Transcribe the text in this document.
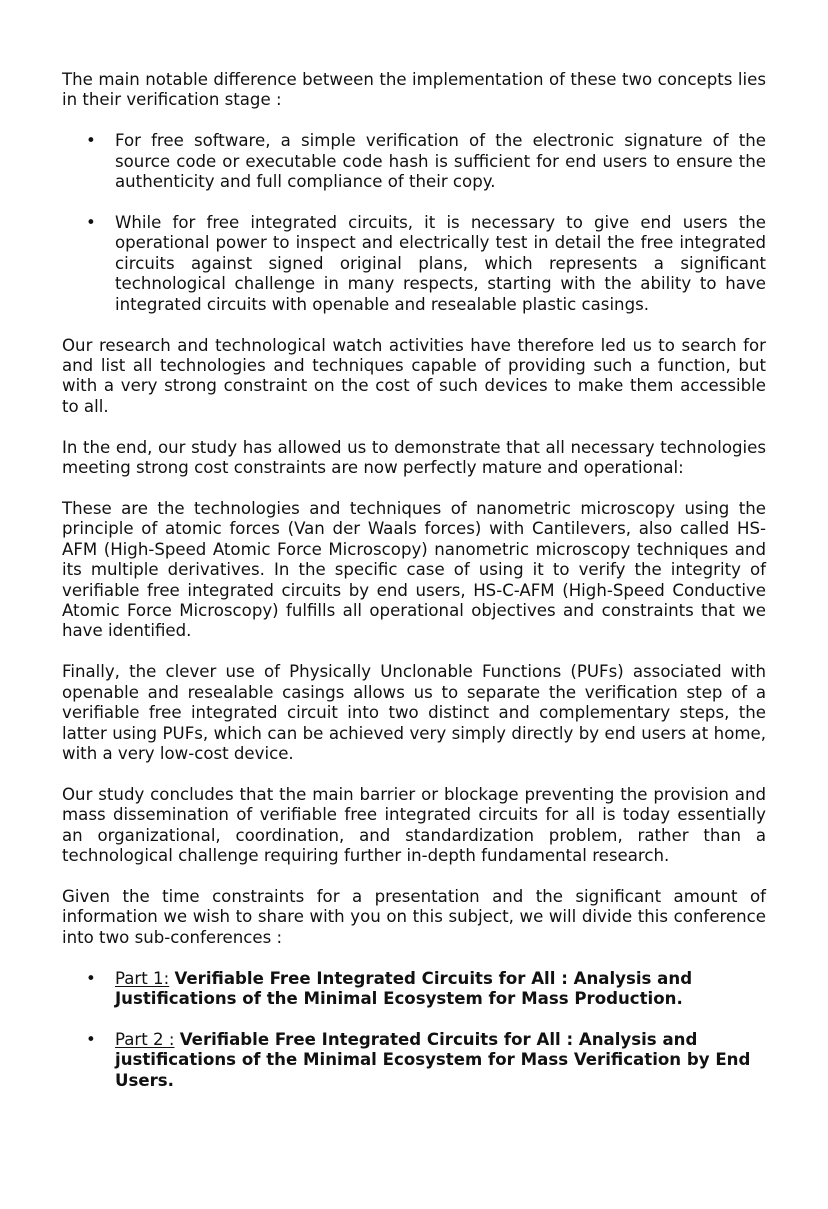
The main notable difference between the implementation of these two concepts lies in their verification stage :

• For free software, a simple verification of the electronic signature of the source code or executable code hash is sufficient for end users to ensure the authenticity and full compliance of their copy.
• While for free integrated circuits, it is necessary to give end users the operational power to inspect and electrically test in detail the free integrated circuits against signed original plans, which represents a significant technological challenge in many respects, starting with the ability to have integrated circuits with openable and resealable plastic casings.

Our research and technological watch activities have therefore led us to search for and list all technologies and techniques capable of providing such a function, but with a very strong constraint on the cost of such devices to make them accessible to all.

In the end, our study has allowed us to demonstrate that all necessary technologies meeting strong cost constraints are now perfectly mature and operational:

These are the technologies and techniques of nanometric microscopy using the principle of atomic forces (Van der Waals forces) with Cantilevers, also called HS-AFM (High-Speed Atomic Force Microscopy) nanometric microscopy techniques and its multiple derivatives. In the specific case of using it to verify the integrity of verifiable free integrated circuits by end users, HS-C-AFM (High-Speed Conductive Atomic Force Microscopy) fulfills all operational objectives and constraints that we have identified.

Finally, the clever use of Physically Unclonable Functions (PUFs) associated with openable and resealable casings allows us to separate the verification step of a verifiable free integrated circuit into two distinct and complementary steps, the latter using PUFs, which can be achieved very simply directly by end users at home, with a very low-cost device.

Our study concludes that the main barrier or blockage preventing the provision and mass dissemination of verifiable free integrated circuits for all is today essentially an organizational, coordination, and standardization problem, rather than a technological challenge requiring further in-depth fundamental research.

Given the time constraints for a presentation and the significant amount of information we wish to share with you on this subject, we will divide this conference into two sub-conferences :

• Part 1: Verifiable Free Integrated Circuits for All : Analysis and Justifications of the Minimal Ecosystem for Mass Production.
• Part 2 : Verifiable Free Integrated Circuits for All : Analysis and justifications of the Minimal Ecosystem for Mass Verification by End Users.
